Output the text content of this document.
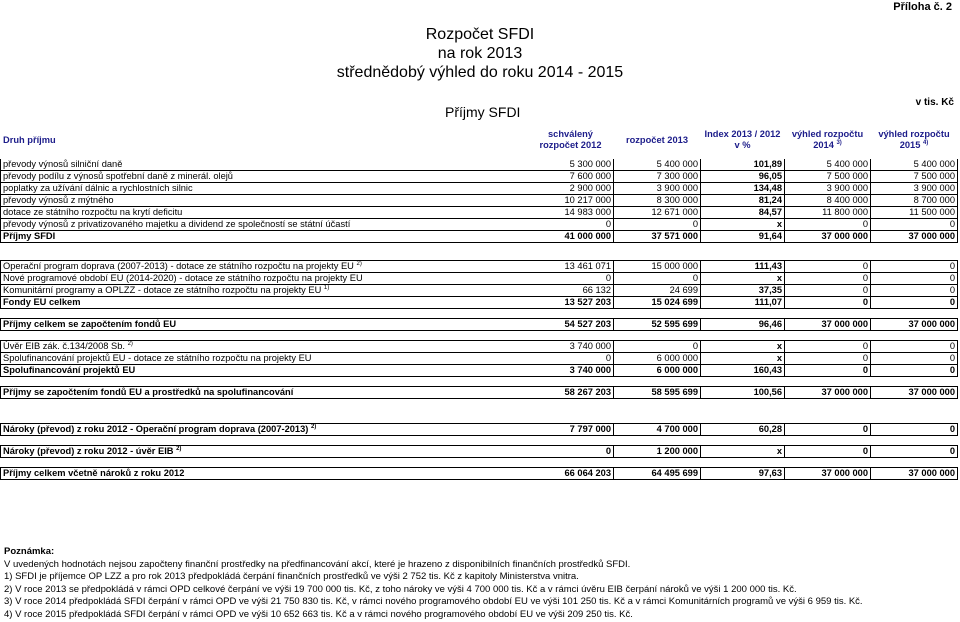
Příloha č. 2
Rozpočet SFDI
na rok 2013
střednědobý výhled do roku 2014 - 2015
Příjmy SFDI
v tis. Kč
Druh příjmu	schválený rozpočet 2012	rozpočet 2013	Index 2013 / 2012 v %	výhled rozpočtu 2014 $^{3)}$	výhled rozpočtu 2015 $^{4)}$
převody výnosů silniční daně	5 300 000	5 400 000	101,89	5 400 000	5 400 000
převody podílu z výnosů spotřební daně z minerál. olejů	7 600 000	7 300 000	96,05	7 500 000	7 500 000
poplatky za užívání dálnic a rychlostních silnic	2 900 000	3 900 000	134,48	3 900 000	3 900 000
převody výnosů z mýtného	10 217 000	8 300 000	81,24	8 400 000	8 700 000
dotace ze státního rozpočtu na krytí deficitu	14 983 000	12 671 000	84,57	11 800 000	11 500 000
převody výnosů z privatizovaného majetku a dividend ze společností se státní účastí	0	0	x	0	0
Příjmy SFDI	41 000 000	37 571 000	91,64	37 000 000	37 000 000

Operační program doprava (2007-2013) - dotace ze státního rozpočtu na projekty EU $^{2)}$	13 461 071	15 000 000	111,43	0	0
Nové programové období EU (2014-2020) - dotace ze státního rozpočtu na projekty EU	0	0	x	0	0
Komunitární programy a OPLZZ - dotace ze státního rozpočtu na projekty EU $^{1)}$	66 132	24 699	37,35	0	0
Fondy EU celkem	13 527 203	15 024 699	111,07	0	0

Příjmy celkem se započtením fondů EU	54 527 203	52 595 699	96,46	37 000 000	37 000 000

Úvěr EIB zák. č.134/2008 Sb. $^{2)}$	3 740 000	0	x	0	0
Spolufinancování projektů EU - dotace ze státního rozpočtu na projekty EU	0	6 000 000	x	0	0
Spolufinancování projektů EU	3 740 000	6 000 000	160,43	0	0

Příjmy se započtením fondů EU a prostředků na spolufinancování	58 267 203	58 595 699	100,56	37 000 000	37 000 000

Nároky (převod) z roku 2012 - Operační program doprava (2007-2013) $^{2)}$	7 797 000	4 700 000	60,28	0	0

Nároky (převod) z roku 2012 - úvěr EIB $^{2)}$	0	1 200 000	x	0	0

Příjmy celkem včetně nároků z roku 2012	66 064 203	64 495 699	97,63	37 000 000	37 000 000
Poznámka:
V uvedených hodnotách nejsou započteny finanční prostředky na předfinancování akcí, které je hrazeno z disponibilních finančních prostředků SFDI.
1) SFDI je příjemce OP LZZ a pro rok 2013 předpokládá čerpání finančních prostředků ve výši 2 752 tis. Kč z kapitoly Ministerstva vnitra.
2) V roce 2013 se předpokládá v rámci OPD celkové čerpání ve výši 19 700 000 tis. Kč, z toho nároky ve výši 4 700 000 tis. Kč a v rámci úvěru EIB čerpání nároků ve výši 1 200 000 tis. Kč.
3) V roce 2014 předpokládá SFDI čerpání v rámci OPD ve výši 21 750 830 tis. Kč, v rámci nového programového období EU ve výši 101 250 tis. Kč a v rámci Komunitárních programů ve výši 6 959 tis. Kč.
4) V roce 2015 předpokládá SFDI čerpání v rámci OPD ve výši 10 652 663 tis. Kč a v rámci nového programového období EU ve výši 209 250 tis. Kč.
